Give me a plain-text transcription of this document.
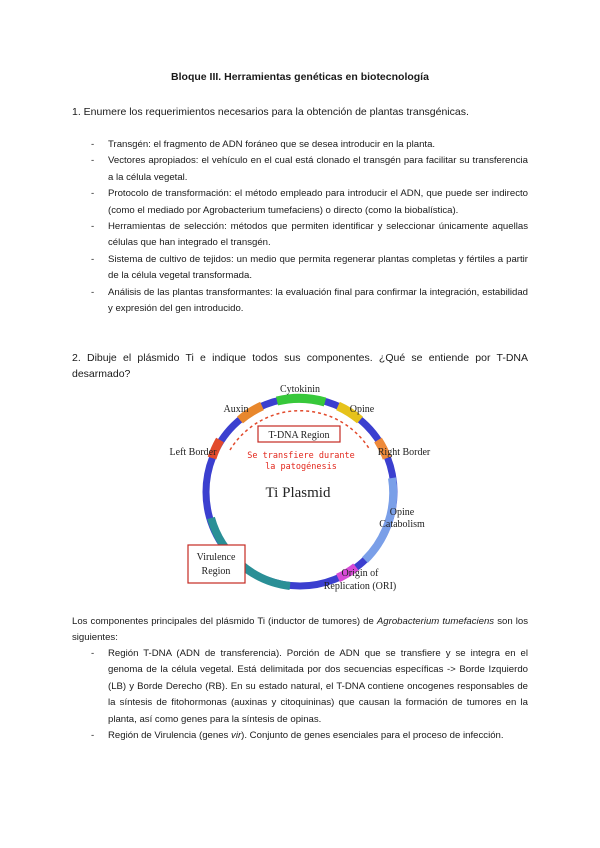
Bloque III. Herramientas genéticas en biotecnología
1. Enumere los requerimientos necesarios para la obtención de plantas transgénicas.
- Transgén: el fragmento de ADN foráneo que se desea introducir en la planta.
- Vectores apropiados: el vehículo en el cual está clonado el transgén para facilitar su transferencia a la célula vegetal.
- Protocolo de transformación: el método empleado para introducir el ADN, que puede ser indirecto (como el mediado por Agrobacterium tumefaciens) o directo (como la biobalística).
- Herramientas de selección: métodos que permiten identificar y seleccionar únicamente aquellas células que han integrado el transgén.
- Sistema de cultivo de tejidos: un medio que permita regenerar plantas completas y fértiles a partir de la célula vegetal transformada.
- Análisis de las plantas transformantes: la evaluación final para confirmar la integración, estabilidad y expresión del gen introducido.
2. Dibuje el plásmido Ti e indique todos sus componentes. ¿Qué se entiende por T-DNA desarmado?
Cytokinin
Auxin	Opine
Left Border	Right Border
Opine
Catabolism
Origin of
Replication (ORI)
T-DNA Region
Se transfiere durante
la patogénesis
Ti Plasmid
Virulence
Region

Los componentes principales del plásmido Ti (inductor de tumores) de Agrobacterium tumefaciens son los siguientes:

- Región T-DNA (ADN de transferencia). Porción de ADN que se transfiere y se integra en el genoma de la célula vegetal. Está delimitada por dos secuencias específicas -> Borde Izquierdo (LB) y Borde Derecho (RB). En su estado natural, el T-DNA contiene oncogenes responsables de la síntesis de fitohormonas (auxinas y citoquininas) que causan la formación de tumores en la planta, así como genes para la síntesis de opinas.
- Región de Virulencia (genes vir). Conjunto de genes esenciales para el proceso de infección.
